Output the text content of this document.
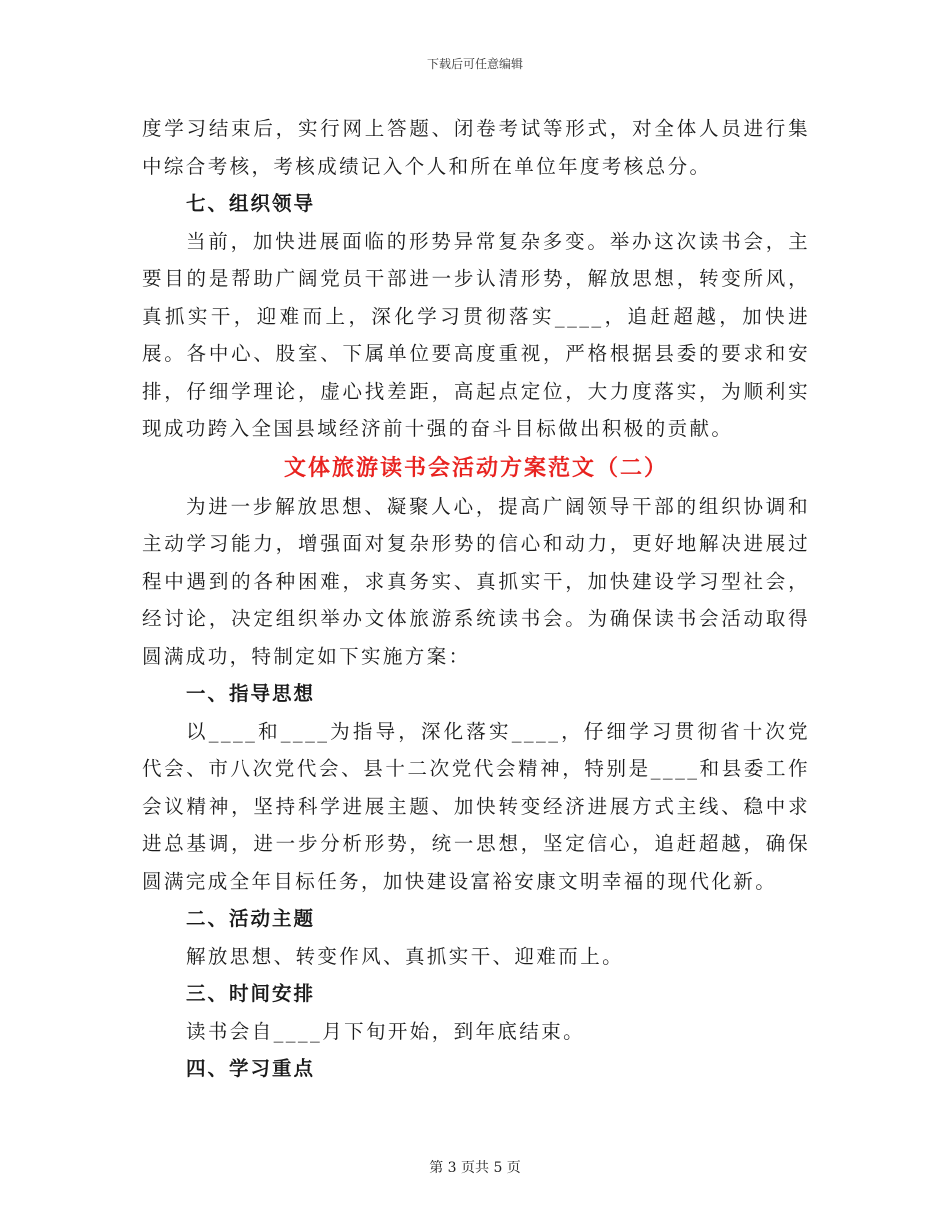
下载后可任意编辑

度学习结束后，实行网上答题、闭卷考试等形式，对全体人员进行集中综合考核，考核成绩记入个人和所在单位年度考核总分。

七、组织领导

当前，加快进展面临的形势异常复杂多变。举办这次读书会，主要目的是帮助广阔党员干部进一步认清形势，解放思想，转变所风，真抓实干，迎难而上，深化学习贯彻落实____，追赶超越，加快进展。各中心、股室、下属单位要高度重视，严格根据县委的要求和安排，仔细学理论，虚心找差距，高起点定位，大力度落实，为顺利实现成功跨入全国县域经济前十强的奋斗目标做出积极的贡献。

文体旅游读书会活动方案范文（二）

为进一步解放思想、凝聚人心，提高广阔领导干部的组织协调和主动学习能力，增强面对复杂形势的信心和动力，更好地解决进展过程中遇到的各种困难，求真务实、真抓实干，加快建设学习型社会，经讨论，决定组织举办文体旅游系统读书会。为确保读书会活动取得圆满成功，特制定如下实施方案：

一、指导思想

以____和____为指导，深化落实____，仔细学习贯彻省十次党代会、市八次党代会、县十二次党代会精神，特别是____和县委工作会议精神，坚持科学进展主题、加快转变经济进展方式主线、稳中求进总基调，进一步分析形势，统一思想，坚定信心，追赶超越，确保圆满完成全年目标任务，加快建设富裕安康文明幸福的现代化新。

二、活动主题

解放思想、转变作风、真抓实干、迎难而上。

三、时间安排

读书会自____月下旬开始，到年底结束。

四、学习重点

第 3 页共 5 页
